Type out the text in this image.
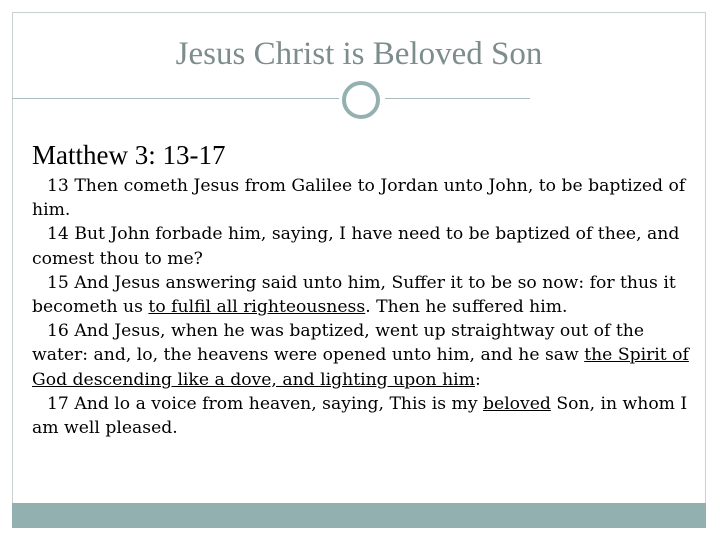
Jesus Christ is Beloved Son
Matthew 3: 13-17

13 Then cometh Jesus from Galilee to Jordan unto John, to be baptized of him.

14 But John forbade him, saying, I have need to be baptized of thee, and comest thou to me?

15 And Jesus answering said unto him, Suffer it to be so now: for thus it becometh us to fulfil all righteousness. Then he suffered him.

16 And Jesus, when he was baptized, went up straightway out of the water: and, lo, the heavens were opened unto him, and he saw the Spirit of God descending like a dove, and lighting upon him:

17 And lo a voice from heaven, saying, This is my beloved Son, in whom I am well pleased.
